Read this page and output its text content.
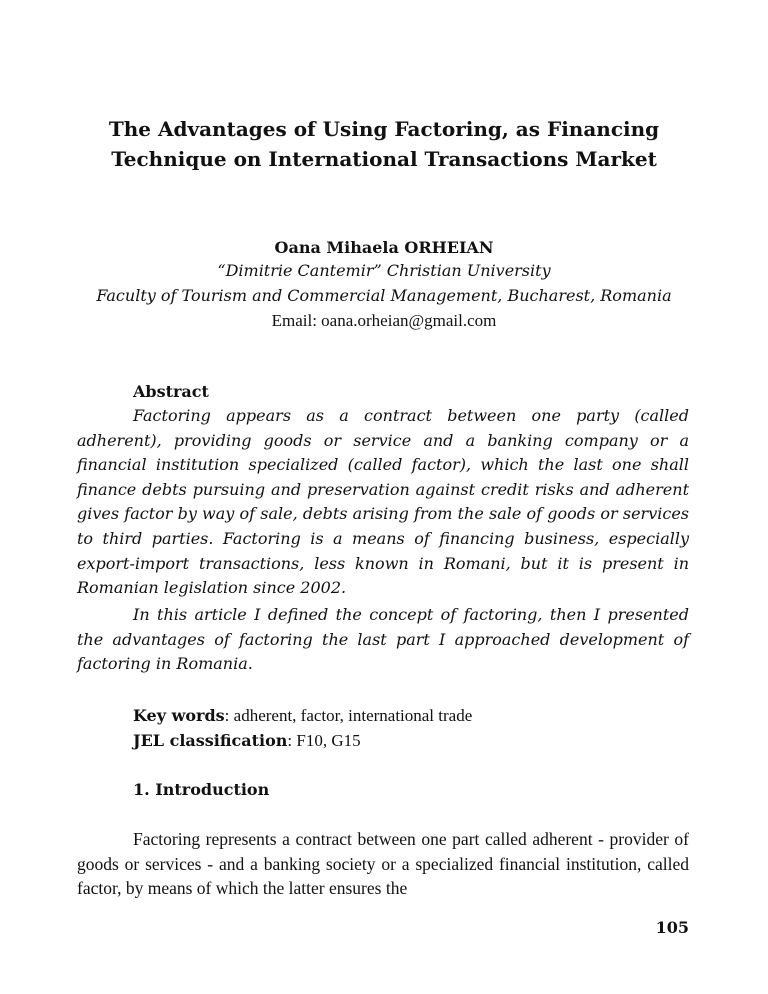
The Advantages of Using Factoring, as Financing
Technique on International Transactions Market
Oana Mihaela ORHEIAN
“Dimitrie Cantemir” Christian University
Faculty of Tourism and Commercial Management, Bucharest, Romania
Email: oana.orheian@gmail.com
Abstract
Factoring appears as a contract between one party (called adherent), providing goods or service and a banking company or a financial institution specialized (called factor), which the last one shall finance debts pursuing and preservation against credit risks and adherent gives factor by way of sale, debts arising from the sale of goods or services to third parties. Factoring is a means of financing business, especially export-import transactions, less known in Romani, but it is present in Romanian legislation since 2002.
In this article I defined the concept of factoring, then I presented the advantages of factoring the last part I approached development of factoring in Romania.
Key words: adherent, factor, international trade
JEL classification: F10, G15
1. Introduction
Factoring represents a contract between one part called adherent - provider of goods or services - and a banking society or a specialized financial institution, called factor, by means of which the latter ensures the
105
